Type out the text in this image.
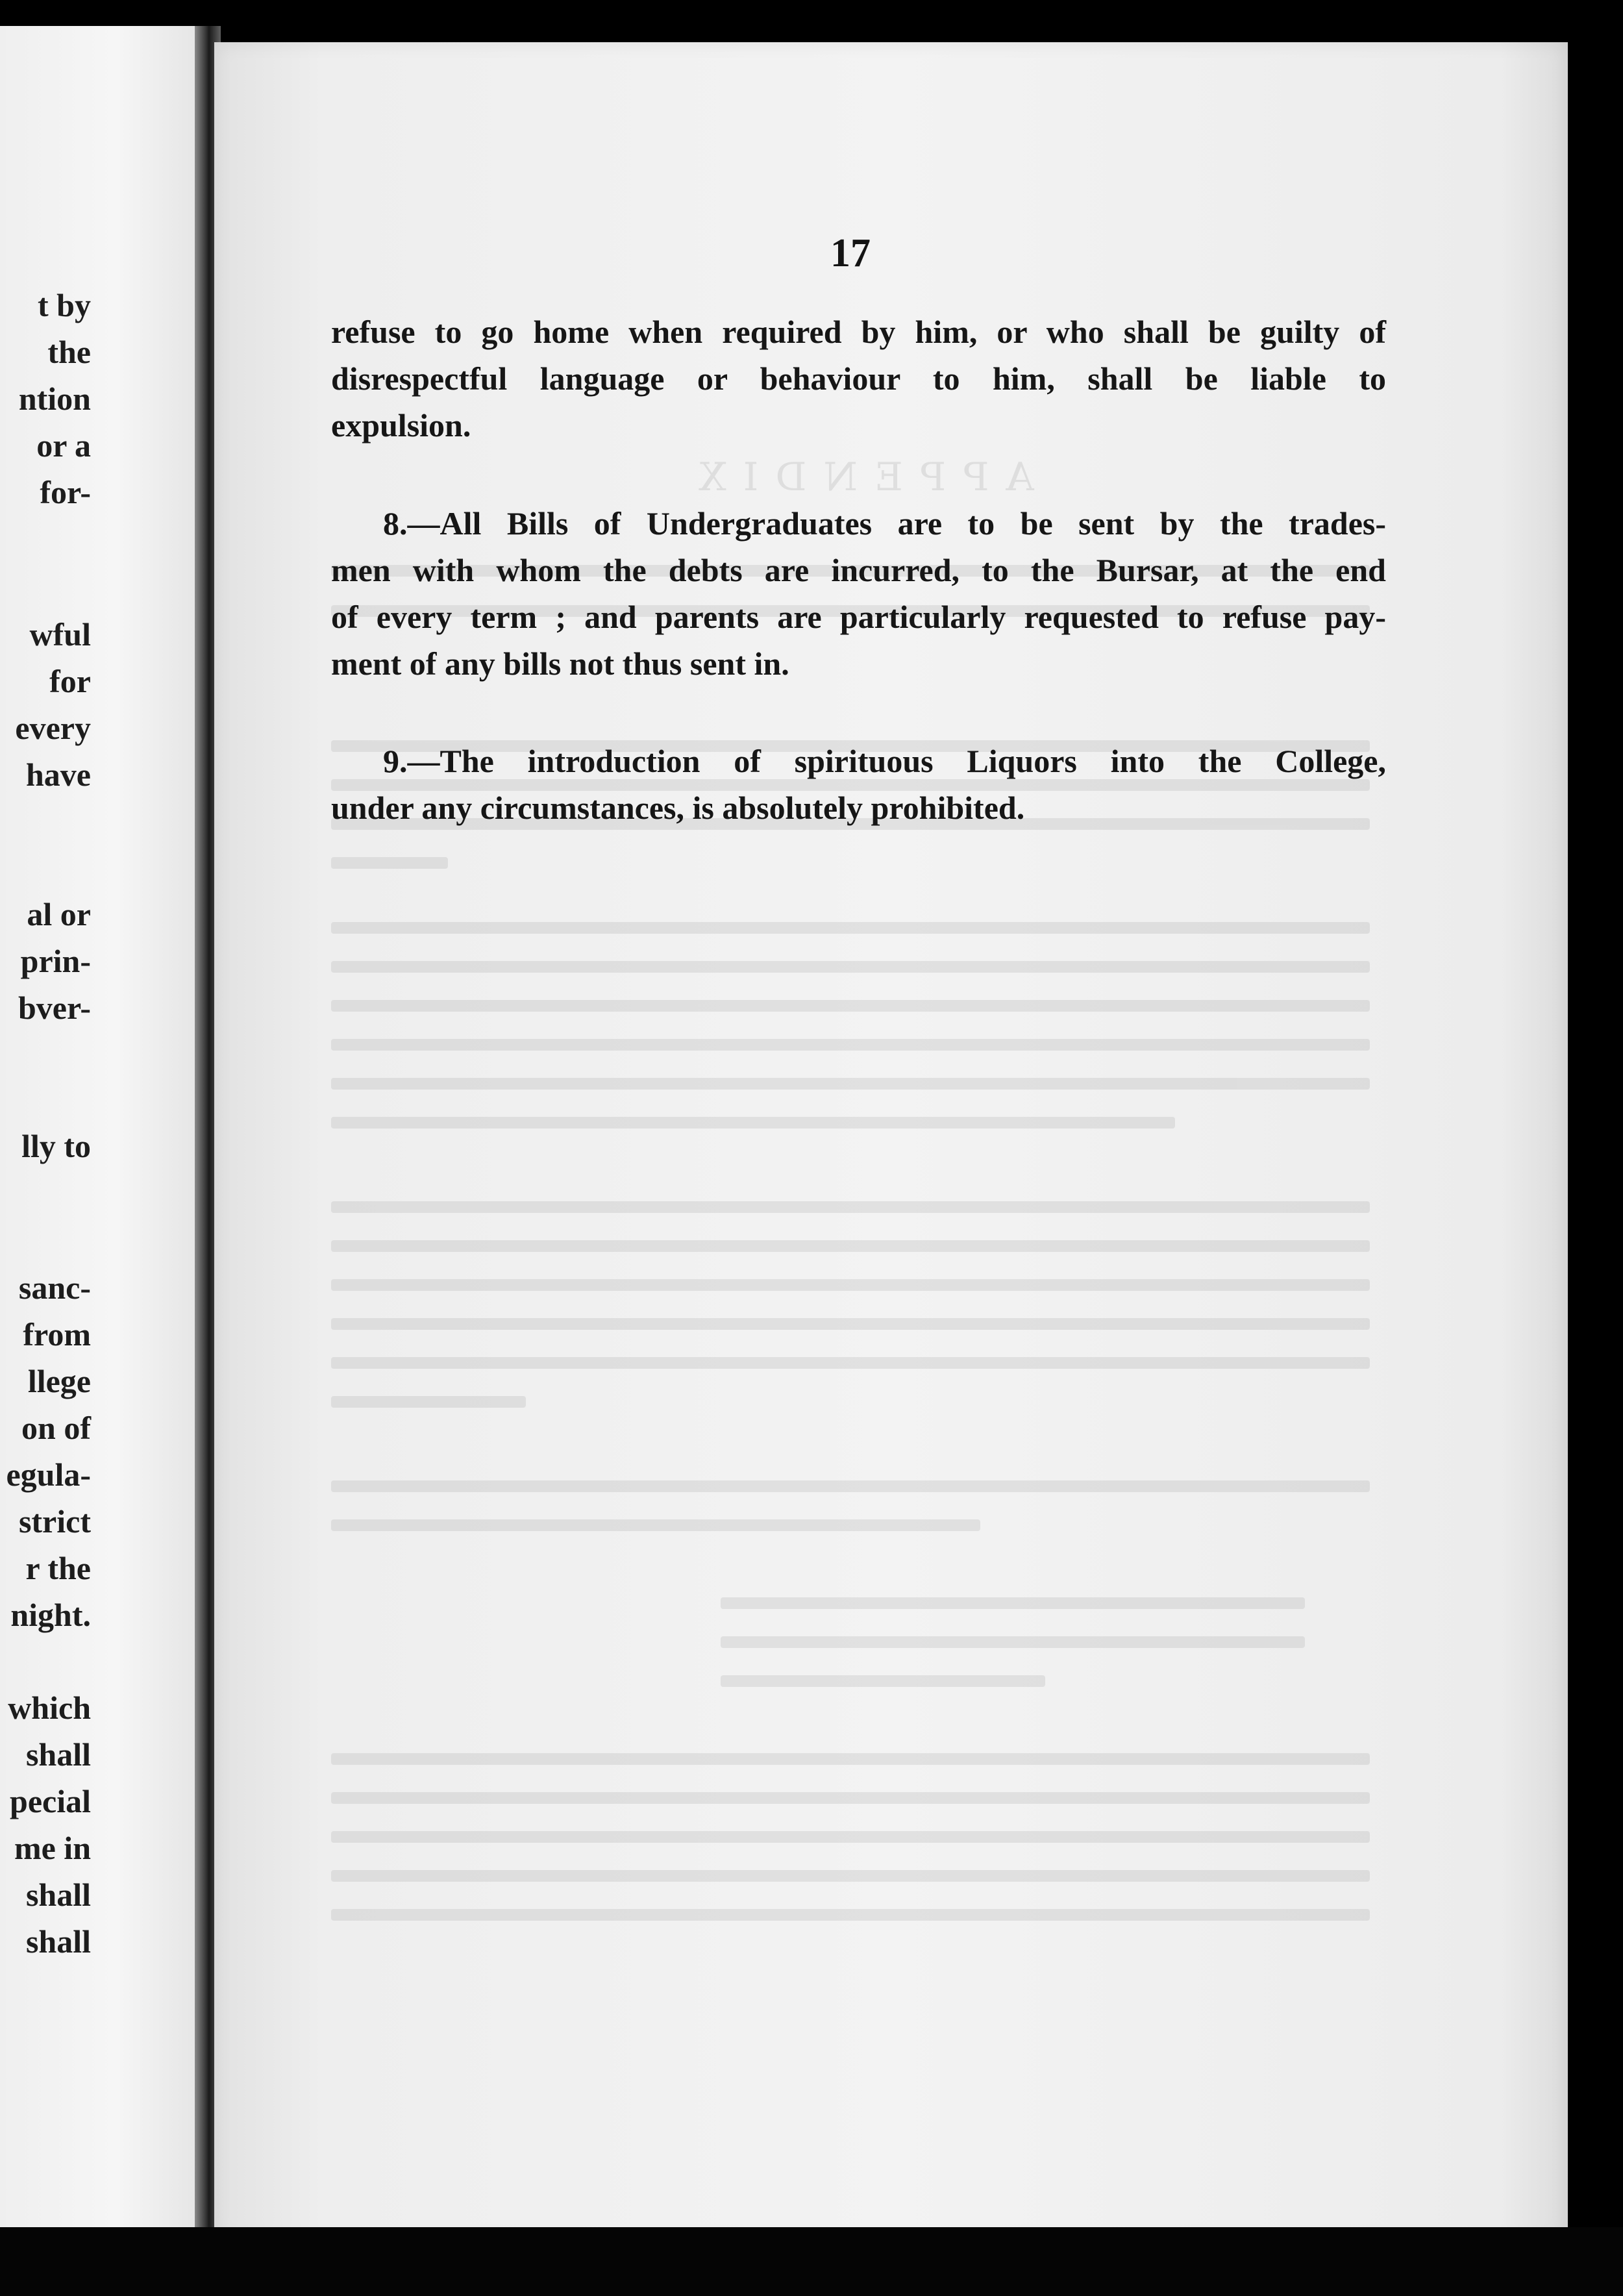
t by
the
ntion
or a
for-
wful
for
every
have
al or
prin-
bver-
lly to
sanc-
from
llege
on of
egula-
strict
r the
night.
which
shall
pecial
me in
shall
shall
17
refuse to go home when required by him, or who shall be guilty of
disrespectful language or behaviour to him, shall be liable to
expulsion.
8.—All Bills of Undergraduates are to be sent by the trades-
men with whom the debts are incurred, to the Bursar, at the end
of every term ; and parents are particularly requested to refuse pay-
ment of any bills not thus sent in.
9.—The introduction of spirituous Liquors into the College,
under any circumstances, is absolutely prohibited.
